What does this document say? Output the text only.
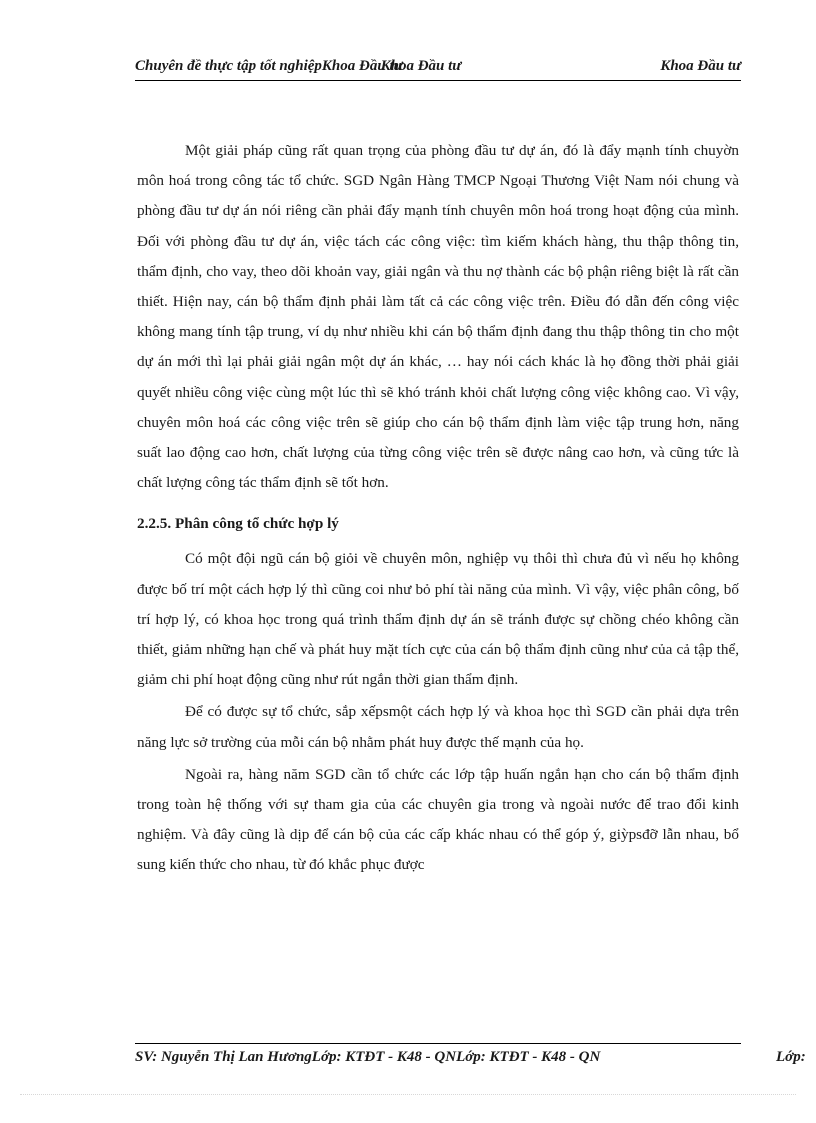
Chuyên đề thực tập tốt nghiệpKhoa Đầu tưKhoa Đầu tư	Khoa Đầu tư

Một giải pháp cũng rất quan trọng của phòng đầu tư dự án, đó là đẩy mạnh tính chuyờn môn hoá trong công tác tổ chức. SGD Ngân Hàng TMCP Ngoại Thương Việt Nam nói chung và phòng đầu tư dự án nói riêng cần phải đẩy mạnh tính chuyên môn hoá trong hoạt động của mình. Đối với phòng đầu tư dự án, việc tách các công việc: tìm kiếm khách hàng, thu thập thông tin, thẩm định, cho vay, theo dõi khoản vay, giải ngân và thu nợ thành các bộ phận riêng biệt là rất cần thiết. Hiện nay, cán bộ thẩm định phải làm tất cả các công việc trên. Điều đó dẫn đến công việc không mang tính tập trung, ví dụ như nhiều khi cán bộ thẩm định đang thu thập thông tin cho một dự án mới thì lại phải giải ngân một dự án khác, … hay nói cách khác là họ đồng thời phải giải quyết nhiều công việc cùng một lúc thì sẽ khó tránh khỏi chất lượng công việc không cao. Vì vậy, chuyên môn hoá các công việc trên sẽ giúp cho cán bộ thẩm định làm việc tập trung hơn, năng suất lao động cao hơn, chất lượng của từng công việc trên sẽ được nâng cao hơn, và cũng tức là chất lượng công tác thẩm định sẽ tốt hơn.

2.2.5. Phân công tổ chức hợp lý

Có một đội ngũ cán bộ giỏi về chuyên môn, nghiệp vụ thôi thì chưa đủ vì nếu họ không được bố trí một cách hợp lý thì cũng coi như bỏ phí tài năng của mình. Vì vậy, việc phân công, bố trí hợp lý, có khoa học trong quá trình thẩm định dự án sẽ tránh được sự chồng chéo không cần thiết, giảm những hạn chế và phát huy mặt tích cực của cán bộ thẩm định cũng như của cả tập thể, giảm chi phí hoạt động cũng như rút ngắn thời gian thẩm định.

Để có được sự tổ chức, sắp xếpsmột cách hợp lý và khoa học thì SGD cần phải dựa trên năng lực sở trường của mỗi cán bộ nhằm phát huy được thế mạnh của họ.

Ngoài ra, hàng năm SGD cần tổ chức các lớp tập huấn ngắn hạn cho cán bộ thẩm định trong toàn hệ thống với sự tham gia của các chuyên gia trong và ngoài nước để trao đổi kinh nghiệm. Và đây cũng là dịp để cán bộ của các cấp khác nhau có thể góp ý, giỳpsđỡ lẫn nhau, bổ sung kiến thức cho nhau, từ đó khắc phục được

SV: Nguyễn Thị Lan HươngLớp: KTĐT - K48 - QNLớp: KTĐT - K48 - QN	Lớp:
